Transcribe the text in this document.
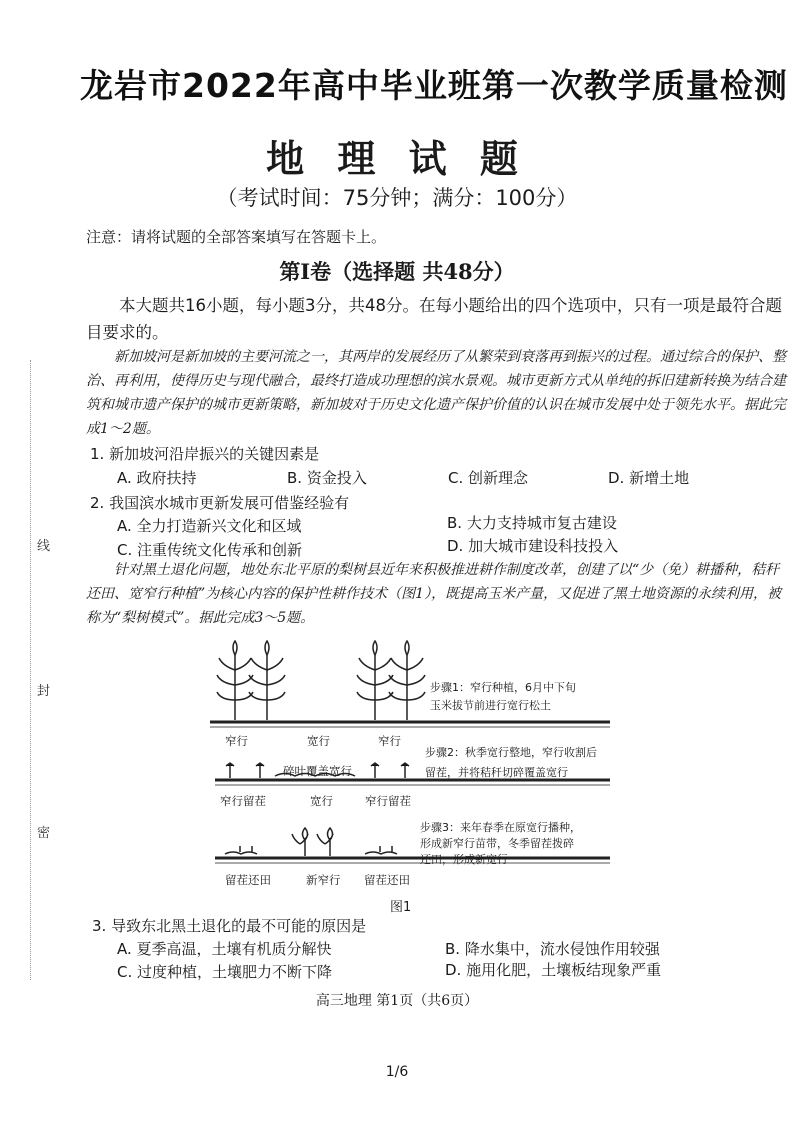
龙岩市2022年高中毕业班第一次教学质量检测
地 理 试 题
（考试时间：75分钟；满分：100分）
注意：请将试题的全部答案填写在答题卡上。
第Ⅰ卷（选择题 共48分）
本大题共16小题，每小题3分，共48分。在每小题给出的四个选项中，只有一项是最符合题目要求的。
新加坡河是新加坡的主要河流之一，其两岸的发展经历了从繁荣到衰落再到振兴的过程。通过综合的保护、整治、再利用，使得历史与现代融合，最终打造成功理想的滨水景观。城市更新方式从单纯的拆旧建新转换为结合建筑和城市遗产保护的城市更新策略，新加坡对于历史文化遗产保护价值的认识在城市发展中处于领先水平。据此完成1～2题。
1. 新加坡河沿岸振兴的关键因素是
A. 政府扶持	B. 资金投入	C. 创新理念	D. 新增土地
2. 我国滨水城市更新发展可借鉴经验有
A. 全力打造新兴文化和区域	B. 大力支持城市复古建设
C. 注重传统文化传承和创新	D. 加大城市建设科技投入
针对黑土退化问题，地处东北平原的梨树县近年来积极推进耕作制度改革，创建了以“少（免）耕播种，秸秆还田、宽窄行种植”为核心内容的保护性耕作技术（图1），既提高玉米产量，又促进了黑土地资源的永续利用，被称为“梨树模式”。据此完成3～5题。
步骤1：窄行种植，6月中下旬
玉米拔节前进行宽行松土
窄行	宽行	窄行
步骤2：秋季宽行整地，窄行收割后
留茬，并将秸秆切碎覆盖宽行
碎叶覆盖宽行
窄行留茬	宽行	窄行留茬
步骤3：来年春季在原宽行播种，
形成新窄行苗带，冬季留茬拨碎
还田，形成新宽行
留茬还田	新窄行 留茬还田
图1
3. 导致东北黑土退化的最不可能的原因是
A. 夏季高温，土壤有机质分解快	B. 降水集中，流水侵蚀作用较强
C. 过度种植，土壤肥力不断下降	D. 施用化肥，土壤板结现象严重
高三地理 第1页（共6页）
1/6
线
封
密
